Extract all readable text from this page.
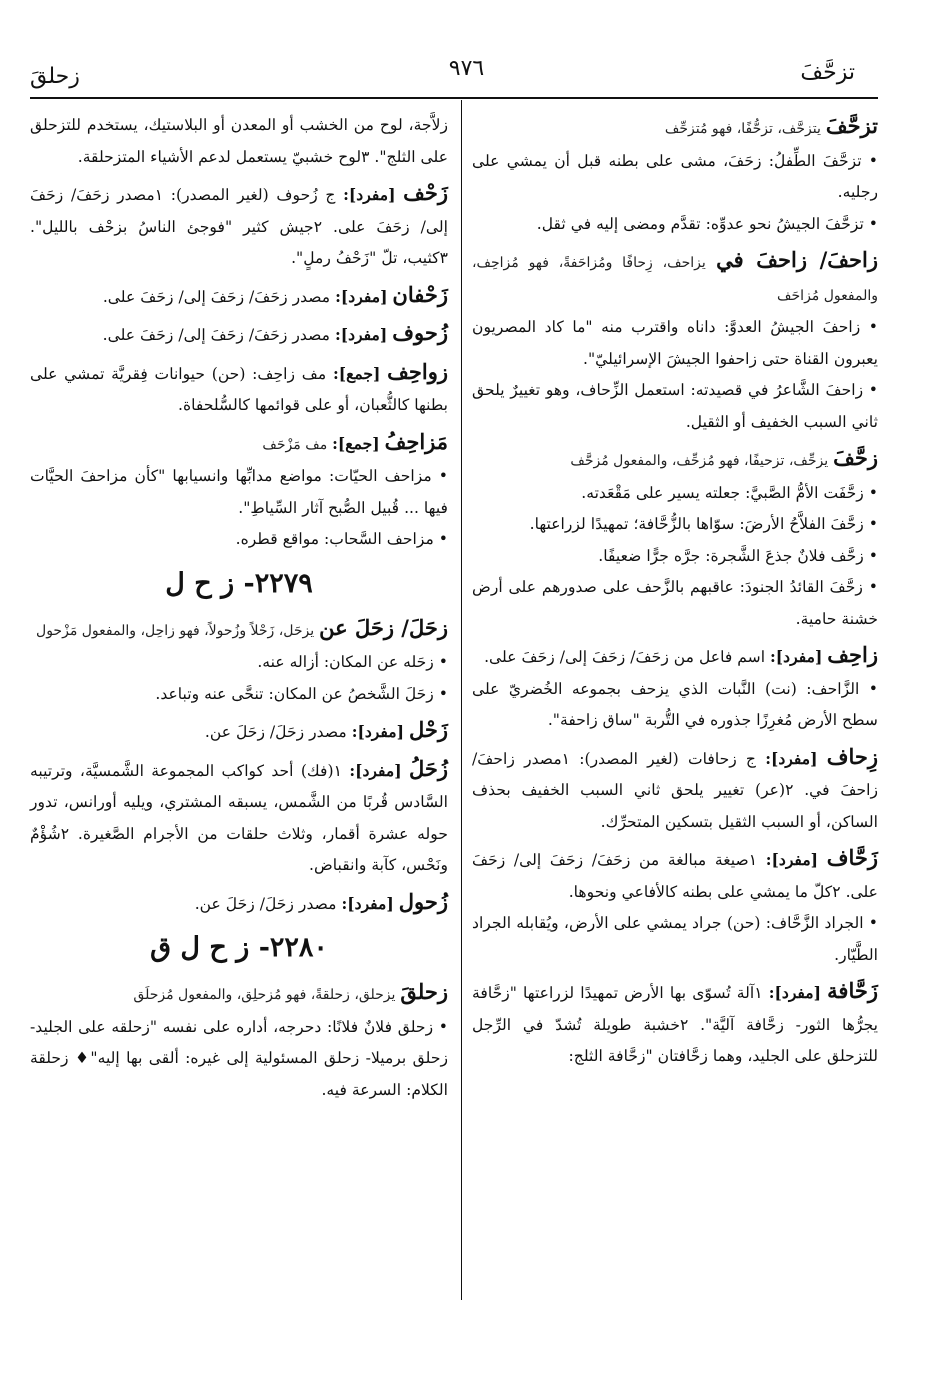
تزحَّفَ
٩٧٦
زحلقَ

تزحَّفَ يتزحَّف، تزحُّفًا، فهو مُتزحِّف

• تزحَّفَ الطِّفلُ: زحَفَ، مشى على بطنه قبل أن يمشي على رجليه.

• تزحَّفَ الجيشُ نحو عدوِّه: تقدَّم ومضى إليه في ثقل.

زاحفَ/ زاحفَ في يزاحف، زِحافًا ومُزاحَفةً، فهو مُزاحِف، والمفعول مُزاحَف

• زاحفَ الجيشُ العدوَّ: داناه واقترب منه "ما كاد المصريون يعبرون القناة حتى زاحفوا الجيشَ الإسرائيليّ".

• زاحفَ الشَّاعرُ في قصيدته: استعمل الزِّحاف، وهو تغييرٌ يلحق ثاني السبب الخفيف أو الثقيل.

زحَّفَ يزحِّف، تزحيفًا، فهو مُزحِّف، والمفعول مُزحَّف

• زحَّفَت الأمُّ الصَّبيَّ: جعلته يسير على مَقْعَدته.

• زحَّفَ الفلاَّحُ الأرضَ: سوّاها بالزُّحَّافة؛ تمهيدًا لزراعتها.

• زحَّف فلانٌ جذعَ الشَّجرة: جرَّه جرًّا ضعيفًا.

• زحَّفَ القائدُ الجنودَ: عاقبهم بالزَّحف على صدورهم على أرض خشنة حامية.

زاحِف [مفرد]: اسم فاعل من زحَفَ/ زحَفَ إلى/ زحَفَ على.

• الزَّاحف: (نت) النَّبات الذي يزحف بجموعه الخُضريّ على سطح الأرض مُغرِزًا جذوره في التُّربة "ساق زاحفة".

زِحاف [مفرد]: ج زحافات (لغير المصدر): ١مصدر زاحفَ/ زاحفَ في. ٢(عر) تغيير يلحق ثاني السبب الخفيف بحذف الساكن، أو السبب الثقيل بتسكين المتحرِّك.

زَحَّاف [مفرد]: ١صيغة مبالغة من زحَفَ/ زحَفَ إلى/ زحَفَ على. ٢كلّ ما يمشي على بطنه كالأفاعي ونحوها.

• الجراد الزَّحَّاف: (حن) جراد يمشي على الأرض، ويُقابله الجراد الطَّيّار.

زَحَّافة [مفرد]: ١آلة تُسوّى بها الأرض تمهيدًا لزراعتها "زحَّافة يجرُّها الثور- زحَّافة آليَّة". ٢خشبة طويلة تُشدّ في الرِّجل للتزحلق على الجليد، وهما زحَّافتان "زحَّافة الثلج:

زلاَّجة، لوح من الخشب أو المعدن أو البلاستيك، يستخدم للتزحلق على الثلج". ٣لوح خشبيّ يستعمل لدعم الأشياء المتزحلقة.

زَحْف [مفرد]: ج زُحوف (لغير المصدر): ١مصدر زحَفَ/ زحَفَ إلى/ زحَفَ على. ٢جيش كثير "فوجئ الناسُ بزحْف بالليل". ٣كثيب، تلّ "زَحْفُ رملٍ".

زَحْفان [مفرد]: مصدر زحَفَ/ زحَفَ إلى/ زحَفَ على.

زُحوف [مفرد]: مصدر زحَفَ/ زحَفَ إلى/ زحَفَ على.

زواحِف [جمع]: مف زاحِف: (حن) حيوانات فِقريَّة تمشي على بطنها كالثُّعبان، أو على قوائمها كالسُّلحفاة.

مَزاحِفُ [جمع]: مف مَزْحَف

• مزاحف الحيّات: مواضع مدابِّها وانسيابها "كأن مزاحفَ الحيَّات فيها ... قُبيل الصُّبح آثار السِّياطِ".

• مزاحف السَّحاب: مواقع قطره.

٢٢٧٩- ز ح ل

زحَلَ/ زحَلَ عن يزحَل، زَحْلاً وزُحولاً، فهو زاحِل، والمفعول مَزْحول

• زحَله عن المكان: أزاله عنه.

• زحَلَ الشَّخصُ عن المكان: تنحَّى عنه وتباعد.

زَحْل [مفرد]: مصدر زحَلَ/ زحَلَ عن.

زُحَلُ [مفرد]: ١(فك) أحد كواكب المجموعة الشَّمسيَّة، وترتيبه السَّادس قُربًا من الشَّمس، يسبقه المشتري، ويليه أورانس، تدور حوله عشرة أقمار، وثلاث حلقات من الأجرام الصَّغيرة. ٢شُؤْمٌ ونَحْس، كآبة وانقباض.

زُحول [مفرد]: مصدر زحَلَ/ زحَلَ عن.

٢٢٨٠- ز ح ل ق

زحلقَ يزحلق، زحلقةً، فهو مُزحلِق، والمفعول مُزحلَق

• زحلق فلانٌ فلانًا: دحرجه، أداره على نفسه "زحلقه على الجليد- زحلق برميلا- زحلق المسئولية إلى غيره: ألقى بها إليه"♦ زحلقة الكلام: السرعة فيه.
